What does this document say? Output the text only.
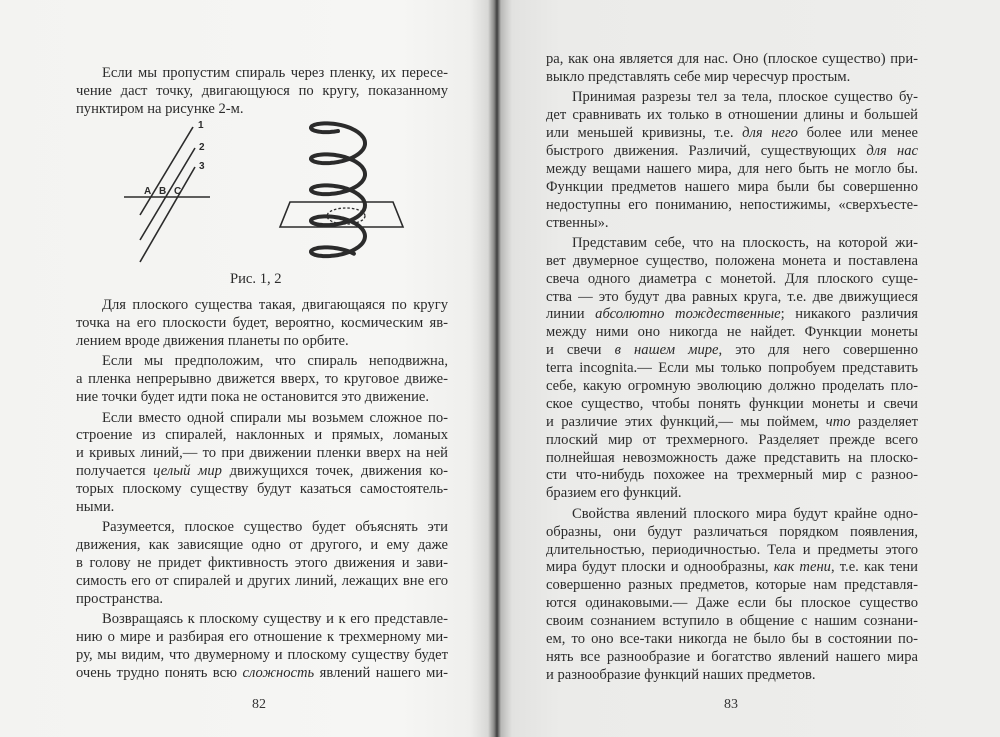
Если мы пропустим спираль через пленку, их пересе-
чение даст точку, двигающуюся по кругу, показанному
пунктиром на рисунке 2-м.
1
2
3
A B C
Рис. 1, 2
Для плоского существа такая, двигающаяся по кругу
точка на его плоскости будет, вероятно, космическим яв-
лением вроде движения планеты по орбите.
Если мы предположим, что спираль неподвижна,
а пленка непрерывно движется вверх, то круговое движе-
ние точки будет идти пока не остановится это движение.
Если вместо одной спирали мы возьмем сложное по-
строение из спиралей, наклонных и прямых, ломаных
и кривых линий,— то при движении пленки вверх на ней
получается целый мир движущихся точек, движения ко-
торых плоскому существу будут казаться самостоятель-
ными.
Разумеется, плоское существо будет объяснять эти
движения, как зависящие одно от другого, и ему даже
в голову не придет фиктивность этого движения и зави-
симость его от спиралей и других линий, лежащих вне его
пространства.
Возвращаясь к плоскому существу и к его представле-
нию о мире и разбирая его отношение к трехмерному ми-
ру, мы видим, что двумерному и плоскому существу будет
очень трудно понять всю сложность явлений нашего ми-
ра, как она является для нас. Оно (плоское существо) при-
выкло представлять себе мир чересчур простым.
Принимая разрезы тел за тела, плоское существо бу-
дет сравнивать их только в отношении длины и большей
или меньшей кривизны, т.е. для него более или менее
быстрого движения. Различий, существующих для нас
между вещами нашего мира, для него быть не могло бы.
Функции предметов нашего мира были бы совершенно
недоступны его пониманию, непостижимы, «сверхъесте-
ственны».
Представим себе, что на плоскость, на которой жи-
вет двумерное существо, положена монета и поставлена
свеча одного диаметра с монетой. Для плоского суще-
ства — это будут два равных круга, т.е. две движущиеся
линии абсолютно тождественные; никакого различия
между ними оно никогда не найдет. Функции монеты
и свечи в нашем мире, это для него совершенно
terra incognita.— Если мы только попробуем представить
себе, какую огромную эволюцию должно проделать пло-
ское существо, чтобы понять функции монеты и свечи
и различие этих функций,— мы поймем, что разделяет
плоский мир от трехмерного. Разделяет прежде всего
полнейшая невозможность даже представить на плоско-
сти что-нибудь похожее на трехмерный мир с разноо-
бразием его функций.
Свойства явлений плоского мира будут крайне одно-
образны, они будут различаться порядком появления,
длительностью, периодичностью. Тела и предметы этого
мира будут плоски и однообразны, как тени, т.е. как тени
совершенно разных предметов, которые нам представля-
ются одинаковыми.— Даже если бы плоское существо
своим сознанием вступило в общение с нашим сознани-
ем, то оно все-таки никогда не было бы в состоянии по-
нять все разнообразие и богатство явлений нашего мира
и разнообразие функций наших предметов.
82	83
